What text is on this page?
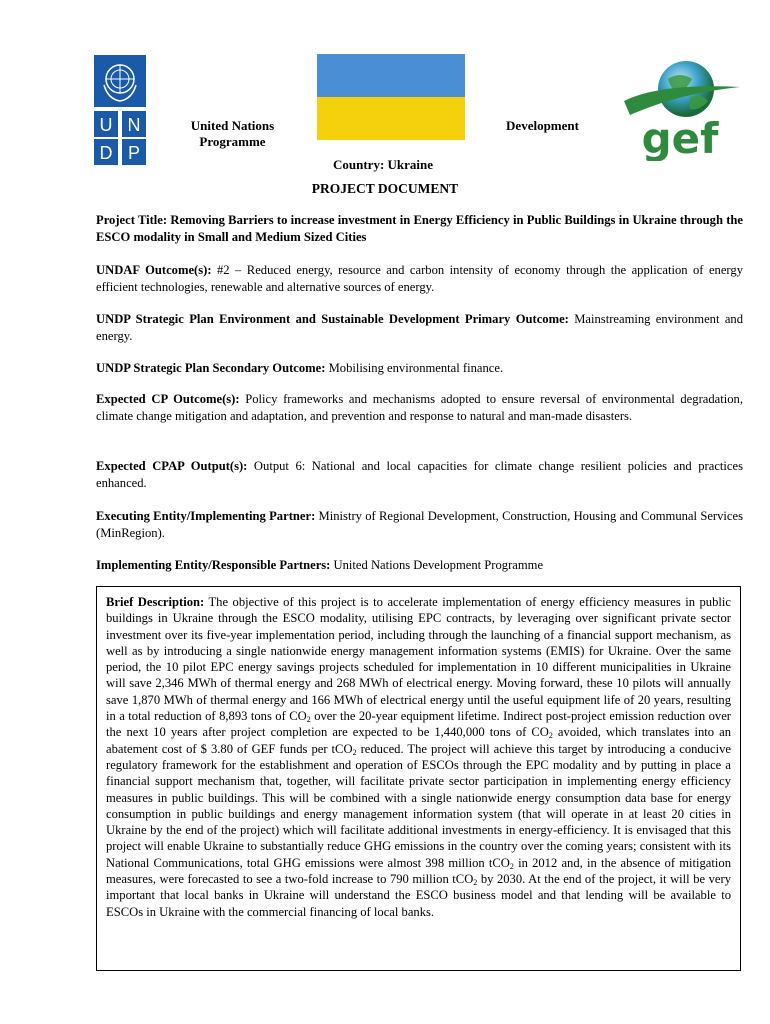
U N
D P	gef
United Nations
Programme
Development
Country: Ukraine
PROJECT DOCUMENT
Project Title: Removing Barriers to increase investment in Energy Efficiency in Public Buildings in Ukraine through the ESCO modality in Small and Medium Sized Cities
UNDAF Outcome(s): #2 – Reduced energy, resource and carbon intensity of economy through the application of energy efficient technologies, renewable and alternative sources of energy.
UNDP Strategic Plan Environment and Sustainable Development Primary Outcome: Mainstreaming environment and energy.
UNDP Strategic Plan Secondary Outcome: Mobilising environmental finance.
Expected CP Outcome(s): Policy frameworks and mechanisms adopted to ensure reversal of environmental degradation, climate change mitigation and adaptation, and prevention and response to natural and man-made disasters.
Expected CPAP Output(s): Output 6: National and local capacities for climate change resilient policies and practices enhanced.
Executing Entity/Implementing Partner: Ministry of Regional Development, Construction, Housing and Communal Services (MinRegion).
Implementing Entity/Responsible Partners: United Nations Development Programme
Brief Description: The objective of this project is to accelerate implementation of energy efficiency measures in public buildings in Ukraine through the ESCO modality, utilising EPC contracts, by leveraging over significant private sector investment over its five-year implementation period, including through the launching of a financial support mechanism, as well as by introducing a single nationwide energy management information systems (EMIS) for Ukraine. Over the same period, the 10 pilot EPC energy savings projects scheduled for implementation in 10 different municipalities in Ukraine will save 2,346 MWh of thermal energy and 268 MWh of electrical energy. Moving forward, these 10 pilots will annually save 1,870 MWh of thermal energy and 166 MWh of electrical energy until the useful equipment life of 20 years, resulting in a total reduction of 8,893 tons of $CO_2$ over the 20-year equipment lifetime. Indirect post-project emission reduction over the next 10 years after project completion are expected to be 1,440,000 tons of $CO_2$ avoided, which translates into an abatement cost of $ 3.80 of GEF funds per tCO$_2$ reduced. The project will achieve this target by introducing a conducive regulatory framework for the establishment and operation of ESCOs through the EPC modality and by putting in place a financial support mechanism that, together, will facilitate private sector participation in implementing energy efficiency measures in public buildings. This will be combined with a single nationwide energy consumption data base for energy consumption in public buildings and energy management information system (that will operate in at least 20 cities in Ukraine by the end of the project) which will facilitate additional investments in energy-efficiency. It is envisaged that this project will enable Ukraine to substantially reduce GHG emissions in the country over the coming years; consistent with its National Communications, total GHG emissions were almost 398 million tCO$_2$ in 2012 and, in the absence of mitigation measures, were forecasted to see a two-fold increase to 790 million tCO$_2$ by 2030. At the end of the project, it will be very important that local banks in Ukraine will understand the ESCO business model and that lending will be available to ESCOs in Ukraine with the commercial financing of local banks.
